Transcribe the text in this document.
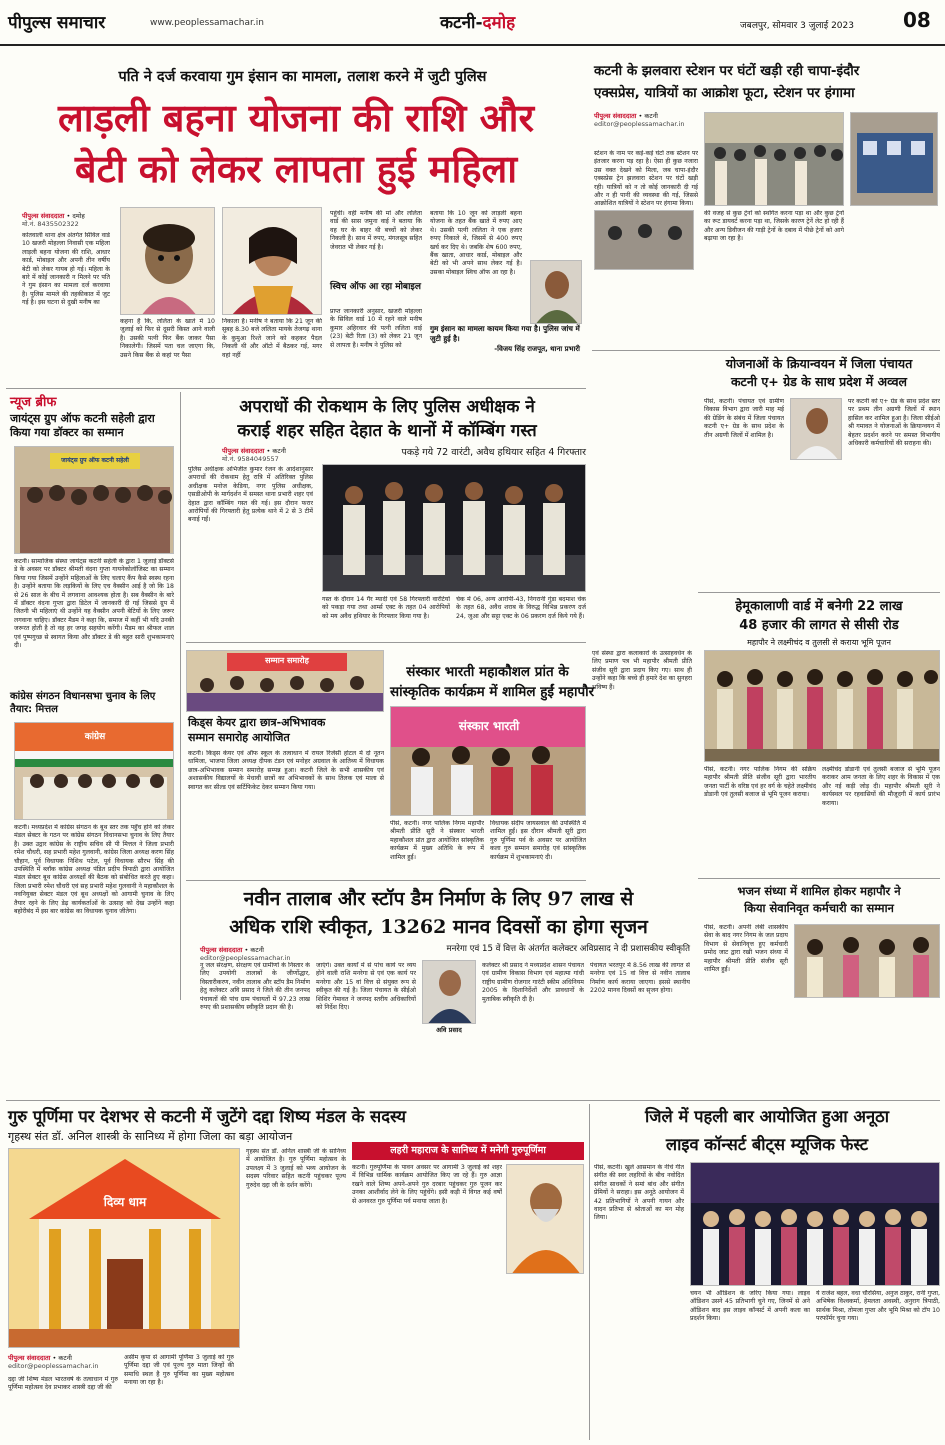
पीपुल्स समाचार	www.peoplessamachar.in	कटनी-दमोह	जबलपुर, सोमवार 3 जुलाई 2023 08
पति ने दर्ज करवाया गुम इंसान का मामला, तलाश करने में जुटी पुलिस
लाड़ली बहना योजना की राशि और
बेटी को लेकर लापता हुई महिला
पीपुल्स संवाददाता • दमोह
मो.नं. 8435502322
कोतवाली थाना क्षेत्र अंतर्गत सिविल वार्ड 10 खजरी मोहल्ला निवासी एक महिला लाड़ली बहना योजना की राशि, आधार कार्ड, मोबाइल और अपनी तीन वर्षीय बेटी को लेकर गायब हो गई। महिला के बारे में कोई जानकारी न मिलने पर पति ने गुम इंसान का मामला दर्ज करवाया है। पुलिस मामले की तहकीकात में जुट गई है। इस घटना से दुखी मनीष का
कहना है कि, ललिता के खाते में 10 जुलाई को फिर से दूसरी किस्त आने वाली है। उसकी पत्नी फिर बैंक जाकर पैसा निकालेगी। जिसमें पता चल जाएगा कि, उसने किस बैंक से कहां पर पैसा
निकाला है। मनीष ने बताया कि 21 जून की सुबह 8.30 बजे ललिता मायके तेजगढ़ थाना के कुमुआ रिश्ते जाने को कहकर पैदल निकली थी और ऑटो में बैठकर गई, मगर वहां नहीं
पहुंचीं। वहीं मनीष की मां और ललिता वार्ड की सास जमुना वाई ने बताया कि वह घर के बाहर थी बच्चों को लेकर निकली है। साथ में रुपए, मंगलसूत्र सहित जेवरात भी लेकर गई है।
स्विच ऑफ आ रहा मोबाइल
प्राप्त जानकारी अनुसार, खजरी मोहल्ला के सिविल वार्ड 10 में रहने वाले मनीष कुमार अहिरवार की पत्नी ललिता वाई (23) बेटी रिता (3) को लेकर 21 जून से लापता है। मनीष ने पुलिस को
बताया कि 10 जून को लाड़ली बहना योजना के तहत बैंक खाते में रुपए आए थे। उसकी पत्नी ललिता ने एक हजार रुपए निकाले थे, जिसमें से 400 रुपए खर्च कर दिए थे। जबकि शेष 600 रुपए, बैंक खाता, आधार कार्ड, मोबाइल और बेटी को भी अपने साथ लेकर गई है। उसका मोबाइल स्विच ऑफ आ रहा है।
गुम इंसान का मामला कायम किया गया है। पुलिस जांच में जुटी हुई है।
-विजय सिंह राजपूत, थाना प्रभारी
न्यूज ब्रीफ
जायंट्स ग्रुप ऑफ कटनी सहेली द्वारा किया गया डॉक्टर का सम्मान
जायंट्स ग्रुप ऑफ कटनी सहेली
कटनी। सामाजिक संस्था जायंट्स कटनी सहेली के द्वारा 1 जुलाई डॉक्टर्स डे के अवसर पर डॉक्टर श्रीमती वंदना गुप्ता गायनेकोलॉजिस्ट का सम्मान किया गया जिसमें उन्होंने महिलाओं के लिए चलाए कैंप कैसे स्वस्थ रहना है। उन्होंने बताया कि लड़कियों के लिए एच वैक्सीन आई है जो कि 18 से 26 साल के बीच में लगवाना आवश्यक होता है। सब वैक्सीन के बारे में डॉक्टर वंदना गुप्ता द्वारा डिटेल में जानकारी दी गई जिससे ग्रुप में जितनी भी महिलाएं थी उन्होंने यह वैक्सीन अपनी बेटियों के लिए जरूर लगवाना चाहिए। डॉक्टर मैडम ने कहा कि, समाज में कहीं भी यदि उनकी जरूरत होती है तो वह हर जगह सहयोग करेंगी। मैडम का श्रीफल शाल एवं पुष्पगुच्छ से स्वागत किया और डॉक्टर डे की बहुत सारी शुभकामनाएं दी।
कांग्रेस संगठन विधानसभा चुनाव के लिए तैयार: मित्तल
कांग्रेस
कटनी। मध्यप्रदेश में कांग्रेस संगठन के बूथ स्तर तक पहुँच होने को लेकर मंडल सेक्टर के गठन पर कांग्रेस संगठन विधानसभा चुनाव के लिए तैयार है। उक्त उद्गार कांग्रेस के राष्ट्रीय सचिव सी पी मित्तल ने जिला प्रभारी रमेश चौधरी, सह प्रभारी महेश गुलवानी, कांग्रेस जिला अध्यक्ष करण सिंह चौहान, पूर्व विधायक निशिथ पटेल, पूर्व विधायक सौरभ सिंह की उपस्थिति में ब्लॉक कांग्रेस अध्यक्ष पंडित प्रदीप त्रिपाठी द्वारा आयोजित मंडल सेक्टर बूथ कांग्रेस अध्यक्षों की बैठक को संबोधित करते हुए कहा। जिला प्रभारी रमेश चौधरी एवं सह प्रभारी महेश गुलवानी ने महाकौशल के नवनियुक्त सेक्टर मंडल एवं बूथ अध्यक्षों को आगामी चुनाव के लिए तैयार रहने के लिए डेढ़ कार्यकर्ताओं के उत्साह को देख उन्होंने कहा बहोरीबंद में इस बार कांग्रेस का विधायक चुनाव जीतेगा।
अपराधों की रोकथाम के लिए पुलिस अधीक्षक ने
कराई शहर सहित देहात के थानों में कॉम्बिंग गस्त
पीपुल्स संवाददाता • कटनी
मो.नं. 9584049557
पकड़े गये 72 वारंटी, अवैध हथियार सहित 4 गिरफ्तार
पुलिस अधीक्षक अभिजीत कुमार रंजन के आदेशानुसार अपराधों की रोकथाम हेतु रात्रि में अतिरिक्त पुलिस अधीक्षक मनोज केडिया, नगर पुलिस अधीक्षक, एसडीओपी के मार्गदर्शन में समस्त थाना प्रभारी शहर एवं देहात द्वारा कॉम्बिंग गस्त की गई। इस दौरान फरार आरोपियों की गिरफ्तारी हेतु प्रत्येक थाने में 2 से 3 टीमें बनाई गईं।
गस्त के दौरान 14 गैर म्यादी एवं 58 गिरफ्तारी वारंटियों को पकड़ा गया तथा आर्म्स एक्ट के तहत 04 आरोपियों को मय अवैध हथियार के गिरफ्तार किया गया है।
चेक में 06, अन्य आरोपी-43, निगरानी गुंडा बदमाश चेक के तहत 68, अवैध शराब के विरुद्ध विभिन्न प्रकरण दर्ज 24, जुआ और सट्टा एक्ट के 06 प्रकरण दर्ज किये गये हैं।
संस्कार भारती महाकौशल प्रांत के
सांस्कृतिक कार्यक्रम में शामिल हुईं महापौर
सम्मान समारोह
किड्स केयर द्वारा छात्र-अभिभावक
सम्मान समारोह आयोजित
कटनी। किड्स केयर एवं ऑफ स्कूल के तत्वाधान में रायल रिजेंसी होटल में दो नूतन धामिजा, भाजपा जिला अध्यक्ष दीपक टंडन एवं मनोहर अग्रवाल के आतिथ्य में विधायक छात्र-अभिभावक सम्मान समारोह सम्पन्न हुआ। कटनी जिले के सभी शासकीय एवं अशासकीय विद्यालयों के मेधावी छात्रों का अभिभावकों के साथ तिलक एवं माला से स्वागत कर सील्ड एवं सर्टिफिकेट देकर सम्मान किया गया।
संस्कार भारती
पीसं, कटनी। नगर पालिक निगम महापौर श्रीमती प्रीति सूरी ने संस्कार भारती महाकौशल प्रांत द्वारा आयोजित सांस्कृतिक कार्यक्रम में मुख्य अतिथि के रूप में शामिल हुईं।
विधायक संदीप जायसवाल की उपस्थिति में शामिल हुईं। इस दौरान श्रीमती सूरी द्वारा गुरु पूर्णिमा पर्व के अवसर पर आयोजित कला गुरु सम्मान समारोह एवं सांस्कृतिक कार्यक्रम में शुभकामनाएं दी।
एवं संस्था द्वारा कलाकारों के उत्साहवर्धन के लिए प्रमाण पत्र भी महापौर श्रीमती प्रीति संजीव सूरी द्वारा प्रदाय किए गए। साथ ही उन्होंने कहा कि बच्चे ही हमारे देश का सुनहरा भविष्य हैं।
कटनी के झलवारा स्टेशन पर घंटों खड़ी रही चापा-इंदौर
एक्सप्रेस, यात्रियों का आक्रोश फूटा, स्टेशन पर हंगामा
पीपुल्स संवाददाता • कटनी
editor@peoplessamachar.in
स्टेशन के नाम पर कई-कई घंटों तक स्टेशन पर इंतजार करना पड़ रहा है। ऐसा ही कुछ नजारा उस वक्त देखने को मिला, जब चापा-इंदौर एक्सप्रेस ट्रेन झलवारा स्टेशन पर घंटों खड़ी रही। यात्रियों को न तो कोई जानकारी दी गई और न ही पानी की व्यवस्था की गई, जिससे आक्रोशित यात्रियों ने स्टेशन पर हंगामा किया।
की वजह से कुछ ट्रेनों को स्थगित करना पड़ा था और कुछ ट्रेनों का रूट डायवर्ट करना पड़ा था, जिसके कारण ट्रेनें लेट हो रही हैं और अन्य डिवीजन की गाड़ी ट्रेनों के दबाव में पीछे ट्रेनों को आगे बढ़ाया जा रहा है।
योजनाओं के क्रियान्वयन में जिला पंचायत
कटनी ए+ ग्रेड के साथ प्रदेश में अव्वल
पीसं, कटनी। पंचायत एवं ग्रामीण विकास विभाग द्वारा जारी माह मई की ग्रेडिंग के संबंध में जिला पंचायत कटनी ए+ ग्रेड के साथ प्रदेश के तीन अग्रणी जिलों में शामिल है।
पर कटनी को ए+ ग्रेड के साथ प्रदेश स्तर पर प्रथम तीन अग्रणी जिलों में स्थान हासिल कर शामिल हुआ है। जिला सीईओ श्री गमावत ने योजनाओं के क्रियान्वयन में बेहतर प्रदर्शन करने पर समस्त विभागीय अधिकारी कर्मचारियों की सराहना की।
हेमूकालाणी वार्ड में बनेगी 22 लाख
48 हजार की लागत से सीसी रोड
महापौर ने लक्ष्मीचंद व तुलसी से कराया भूमि पूजन
पीसं, कटनी। नगर पालिक निगम की सक्रिय महापौर श्रीमती प्रीति संजीव सूरी द्वारा भारतीय जनता पार्टी के वरिष्ठ एवं हर वर्ग के चहेते लक्ष्मीचंद डोडानी एवं तुलसी बजाज से भूमि पूजन कराया।
लक्ष्मीचंद डोडानी एवं तुलसी बजाज से भूमि पूजन कराकर आम जनता के लिए शहर के विकास में एक और नई कड़ी जोड़ दी। महापौर श्रीमती सूरी ने कार्यस्थल पर रहवासियों की मौजूदगी में कार्य प्रारंभ कराया।
भजन संध्या में शामिल होकर महापौर ने
किया सेवानिवृत कर्मचारी का सम्मान
पीसं, कटनी। अपनी लंबी शासकीय सेवा के बाद नगर निगम के जल प्रदाय विभाग से सेवानिवृत्त हुए कर्मचारी प्रमोद जाट द्वारा रखी भजन संध्या में महापौर श्रीमती प्रीति संजीव सूरी शामिल हुईं।
नवीन तालाब और स्टॉप डैम निर्माण के लिए 97 लाख से
अधिक राशि स्वीकृत, 13262 मानव दिवसों का होगा सृजन
पीपुल्स संवाददाता • कटनी
editor@peoplessamachar.in
मनरेगा एवं 15 वें वित्त के अंतर्गत कलेक्टर अविप्रसाद ने दी प्रशासकीय स्वीकृति
नू जल संरक्षण, संरक्षण एवं ग्रामीणों के निस्तार के लिए उपयोगी तालाबों के जीर्णोद्धार, विस्तारीकरण, नवीन तालाब और स्टॉप डैम निर्माण हेतु कलेक्टर अवि प्रसाद ने जिले की तीन जनपद पंचायतों की पांच ग्राम पंचायतों में 97.23 लाख रुपए की प्रशासकीय स्वीकृति प्रदान की है।
जाएंगे। उक्त कार्यों में से पांच कार्य पर व्यय होने वाली राशि मनरेगा से एवं एक कार्य पर मनरेगा और 15 वां वित्त से संयुक्त रूप से स्वीकृत की गई है। जिला पंचायत के सीईओ शिशिर गेमावत ने जनपद स्तरीय अधिकारियों को निर्देश दिए।
अवि प्रसाद
कलेक्टर श्री प्रसाद ने मध्यप्रदेश शासन पंचायत एवं ग्रामीण विकास विभाग एवं महात्मा गांधी राष्ट्रीय ग्रामीण रोजगार गारंटी स्कीम अधिनियम 2005 के दिशानिर्देशों और प्रावधानों के मुताबिक स्वीकृति दी है।
पंचायत भरतपुर में 8.56 लाख की लागत से मनरेगा एवं 15 वां वित्त से नवीन तालाब निर्माण कार्य कराया जाएगा। इससे स्थानीय 2202 मानव दिवसों का सृजन होगा।
गुरु पूर्णिमा पर देशभर से कटनी में जुटेंगे दद्दा शिष्य मंडल के सदस्य
गृहस्थ संत डॉ. अनिल शास्त्री के सानिध्य में होगा जिला का बड़ा आयोजन
दिव्य धाम
गृहस्थ संत डॉ. अनिल शास्त्री जी के सानिध्य में आयोजित है। गुरु पूर्णिमा महोत्सव के उपलक्ष्य में 3 जुलाई को भव्य आयोजन के सदस्य परिवार सहित कटनी पहुंचकर पूज्य गुरुदेव दद्दा जी के दर्शन करेंगे।
लहरी महाराज के सानिध्य में मनेगी गुरुपूर्णिमा
कटनी। गुरुपूर्णिमा के पावन अवसर पर आगामी 3 जुलाई को शहर में विभिन्न धार्मिक कार्यक्रम आयोजित किए जा रहे हैं। गुरु आज्ञा रखने वाले शिष्य अपने-अपने गुरु दरबार पहुंचकर गुरु पूजन कर उनका आशीर्वाद लेने के लिए पहुंचेंगे। इसी कड़ी में विगत कई वर्षों से अनवरत गुरु पूर्णिमा पर्व मनाया जाता है।
पीपुल्स संवाददाता • कटनी
editor@peoplessamachar.in
दद्दा जी शिष्य मंडल भारतवर्ष के तत्वाधान में गुरु पूर्णिमा महोत्सव देव प्रभाकर शास्त्री दद्दा जी की
असीम कृपा से आगामी पूर्णिमा 3 जुलाई को गुरु पूर्णिमा दद्दा जी एवं पूज्य गुरु माता जिन्हों की समाधि स्थल है गुरु पूर्णिमा का मुख्य महोत्सव मनाया जा रहा है।
जिले में पहली बार आयोजित हुआ अनूठा
लाइव कॉन्सर्ट बीट्स म्यूजिक फेस्ट
पीसं, कटनी। खुले आसमान के नीचे गीत संगीत की स्वर लहरियों के बीच नवोदित संगीत साधकों ने समां बांध और संगीत प्रेमियों ने सराहा। इस अनूठे आयोजन में 42 प्रतिभागियों ने अपनी गायन और वादन प्रतिभा से श्रोताओं का मन मोह लिया।
चयन भी ऑडिशन के जरिए किया गया। लाइव ऑडिशन उसने 45 प्रतिभागी चुने गए, जिनमें से अने ऑडिशन बाद इस लाइव कॉन्सर्ट में अपनी कला का प्रदर्शन किया।
ये राजेश बहल, वधा चौरसिया, अनुज ठाकुर, रानी गुप्ता, अभिषेक विश्वकर्मा, हेमलता अवस्थी, अनुराग त्रिपाठी, सार्थक मिश्रा, तोमजा गुप्ता और भूमि मिश्रा को टॉप 10 परफॉर्मर चुना गया।
